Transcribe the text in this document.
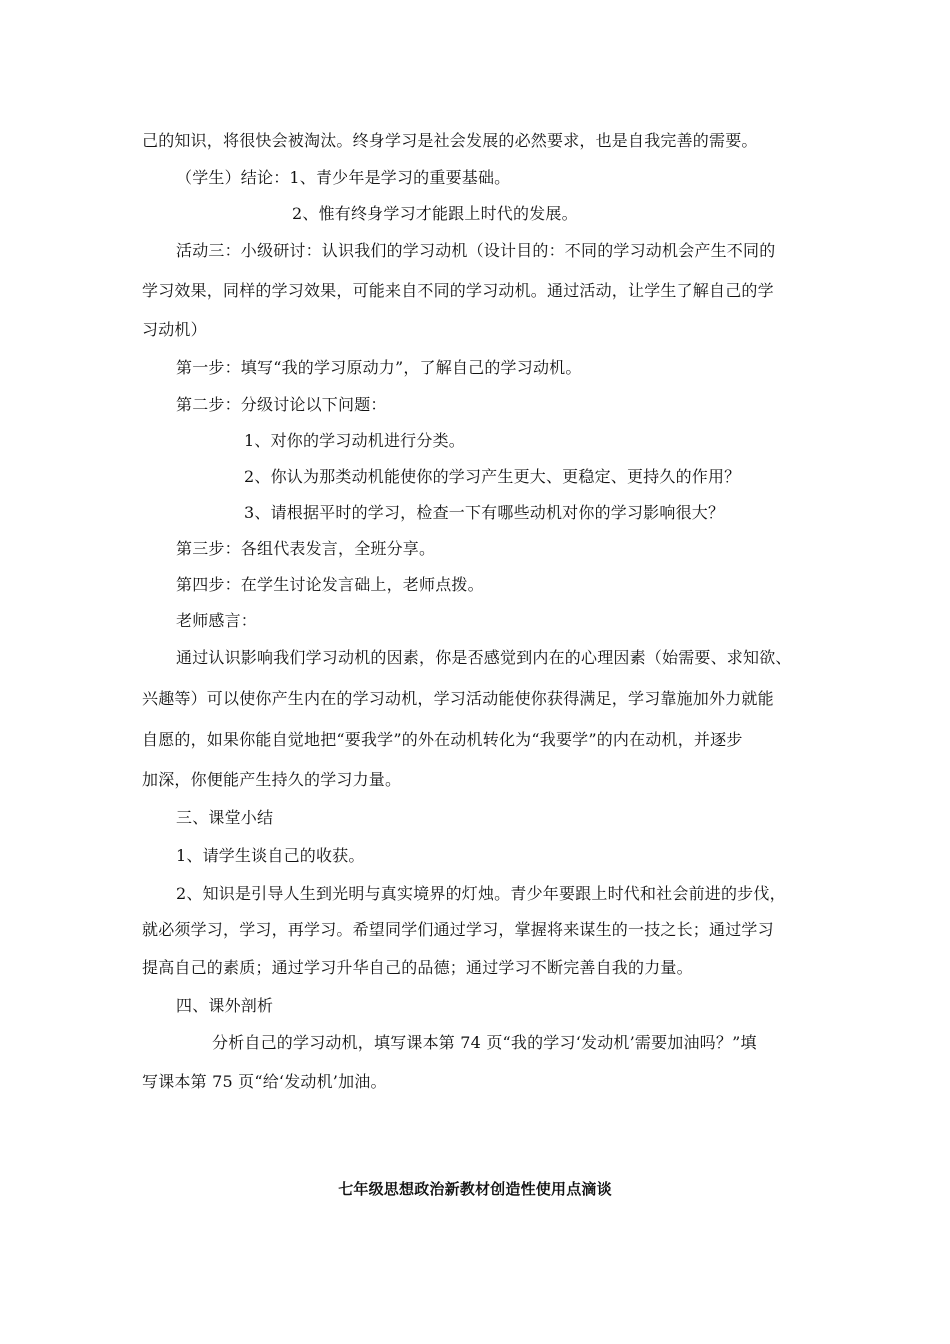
己的知识，将很快会被淘汰。终身学习是社会发展的必然要求，也是自我完善的需要。
（学生）结论：1、青少年是学习的重要基础。
2、惟有终身学习才能跟上时代的发展。
活动三：小级研讨：认识我们的学习动机（设计目的：不同的学习动机会产生不同的
学习效果，同样的学习效果，可能来自不同的学习动机。通过活动，让学生了解自己的学
习动机）
第一步：填写“我的学习原动力”，了解自己的学习动机。
第二步：分级讨论以下问题：
1、对你的学习动机进行分类。
2、你认为那类动机能使你的学习产生更大、更稳定、更持久的作用？
3、请根据平时的学习，检查一下有哪些动机对你的学习影响很大？
第三步：各组代表发言，全班分享。
第四步：在学生讨论发言础上，老师点拨。
老师感言：
通过认识影响我们学习动机的因素，你是否感觉到内在的心理因素（始需要、求知欲、
兴趣等）可以使你产生内在的学习动机，学习活动能使你获得满足，学习靠施加外力就能
自愿的，如果你能自觉地把“要我学”的外在动机转化为“我要学”的内在动机，并逐步
加深，你便能产生持久的学习力量。
三、课堂小结
1、请学生谈自己的收获。
2、知识是引导人生到光明与真实境界的灯烛。青少年要跟上时代和社会前进的步伐，
就必须学习，学习，再学习。希望同学们通过学习，掌握将来谋生的一技之长；通过学习
提高自己的素质；通过学习升华自己的品德；通过学习不断完善自我的力量。
四、课外剖析
分析自己的学习动机，填写课本第 74 页“我的学习‘发动机’需要加油吗？”填
写课本第 75 页“给‘发动机’加油。
七年级思想政治新教材创造性使用点滴谈
